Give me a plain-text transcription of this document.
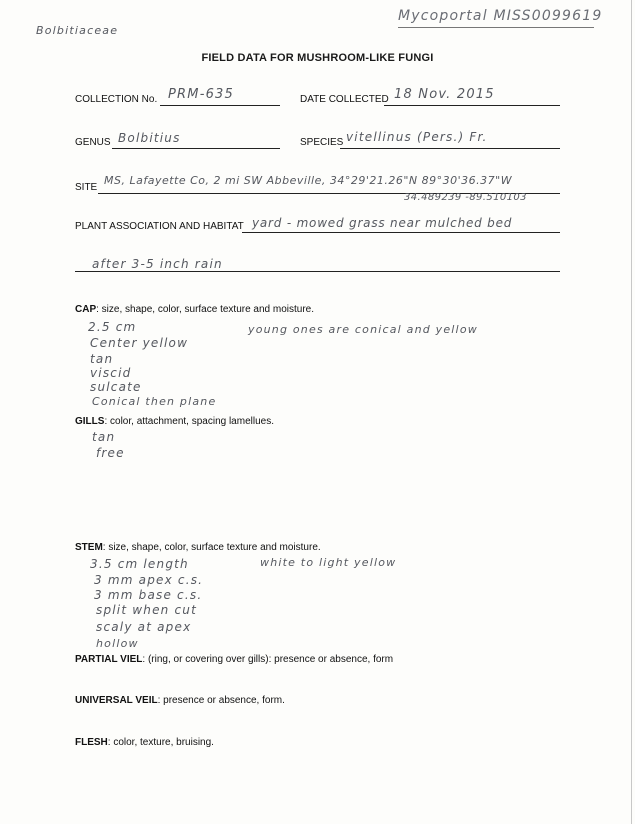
Bolbitiaceae
Mycoportal MISS0099619
FIELD DATA FOR MUSHROOM-LIKE FUNGI
COLLECTION No. PRM-635	DATE COLLECTED 18 Nov. 2015
GENUS Bolbitius	SPECIES vitellinus (Pers.) Fr.
SITE
MS, Lafayette Co, 2 mi SW Abbeville, 34°29'21.26"N 89°30'36.37"W
34.489239 -89.510103
PLANT ASSOCIATION AND HABITAT yard - mowed grass near mulched bed
after 3-5 inch rain
CAP: size, shape, color, surface texture and moisture.
2.5 cm
Center yellow
tan
viscid
sulcate
Conical then plane
young ones are conical and yellow
GILLS: color, attachment, spacing lamellues.
tan
free
STEM: size, shape, color, surface texture and moisture.
3.5 cm length
3 mm apex c.s.
3 mm base c.s.
split when cut
scaly at apex
hollow
white to light yellow
PARTIAL VIEL: (ring, or covering over gills): presence or absence, form
UNIVERSAL VEIL: presence or absence, form.
FLESH: color, texture, bruising.
